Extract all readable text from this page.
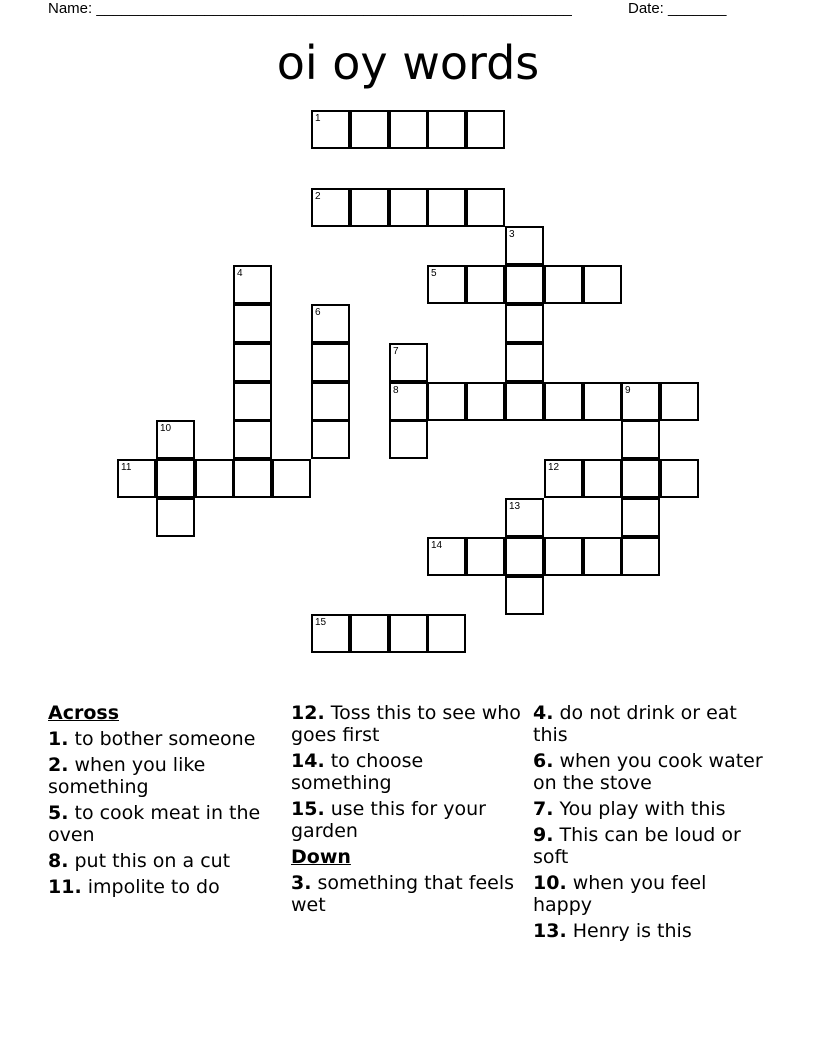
Name: _________________________________________________________	Date: _______
oi oy words
1
2
3
4	5
6
7
8	9
10
11	12
13
14
15
Across
1. to bother someone
2. when you like something
5. to cook meat in the oven
8. put this on a cut
11. impolite to do
12. Toss this to see who goes first
14. to choose something
15. use this for your garden
Down
3. something that feels wet
4. do not drink or eat this
6. when you cook water on the stove
7. You play with this
9. This can be loud or soft
10. when you feel happy
13. Henry is this
